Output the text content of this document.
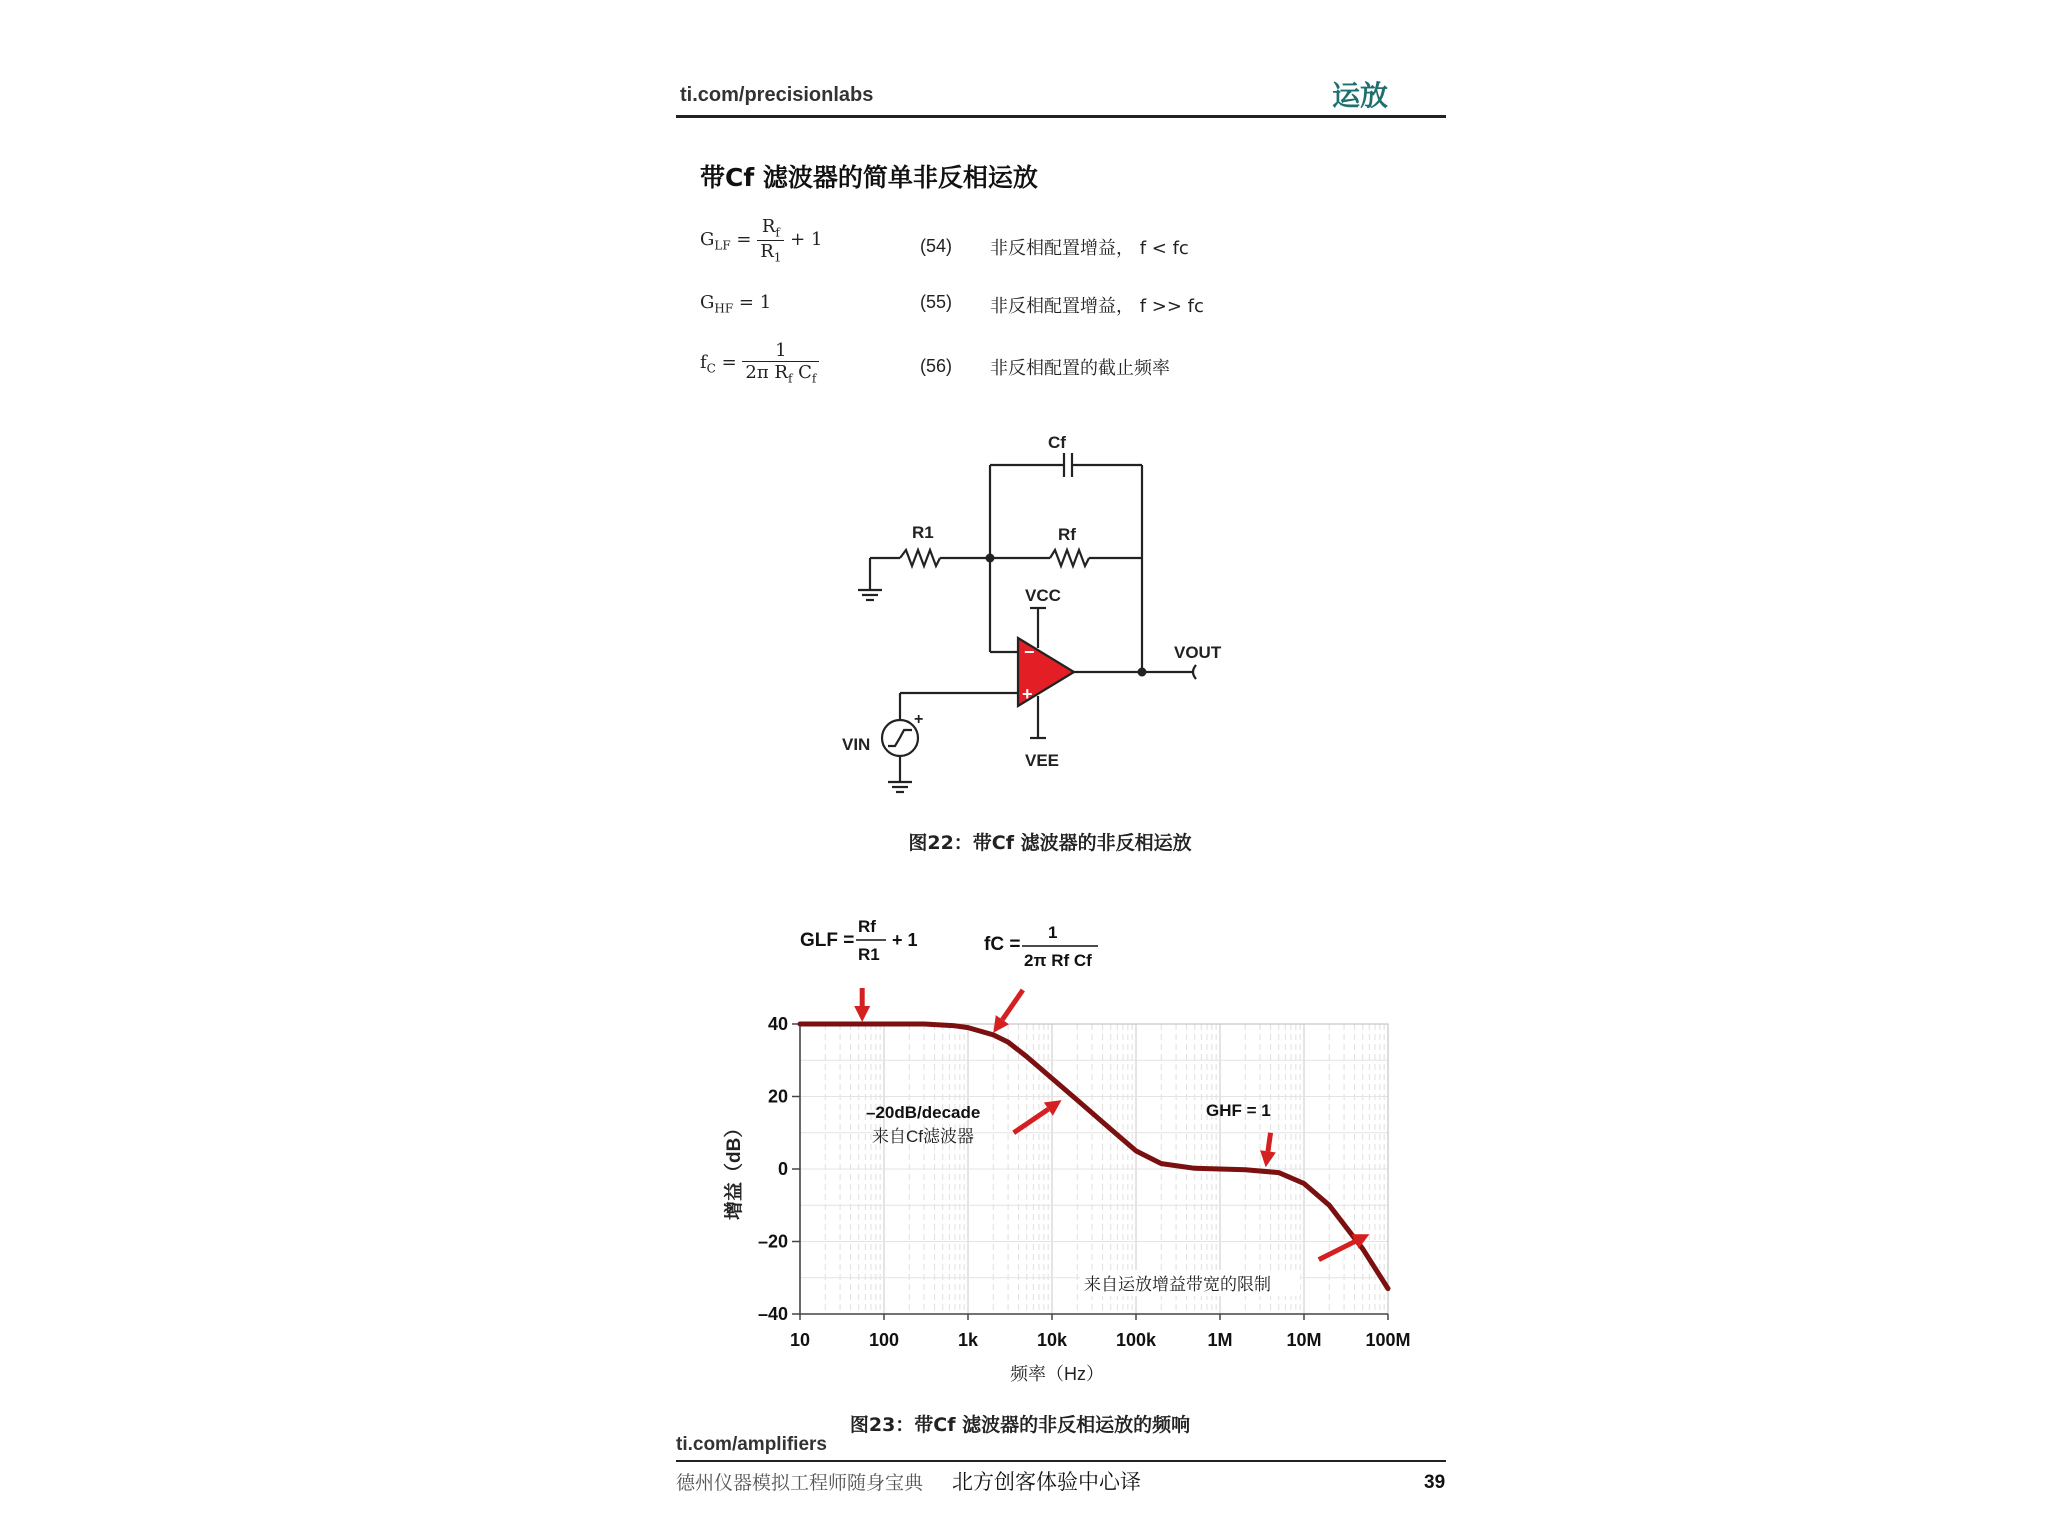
ti.com/precisionlabs	运放
带Cf 滤波器的简单非反相运放
$G_{LF} = \frac{R_f}{R_1} + 1$	(54) 非反相配置增益， f < fc
$G_{HF} = 1$	(55) 非反相配置增益， f >> fc
$f_C = \frac{1}{2\pi R_f C_f}$	(56) 非反相配置的截止频率
−
+
Cf
R1	Rf
VCC
VEE
VOUT
VIN
+
图22：带Cf 滤波器的非反相运放
10	100	1k	10k	100k	1M	10M 100M
40
20
0
–20
–40
GLF =
Rf
R1
+ 1	fC =
1
2π Rf Cf
–20dB/decade	GHF = 1
来自Cf滤波器
来自运放增益带宽的限制
频率（Hz）
增益（dB）
图23：带Cf 滤波器的非反相运放的频响
ti.com/amplifiers
德州仪器模拟工程师随身宝典 北方创客体验中心译	39
